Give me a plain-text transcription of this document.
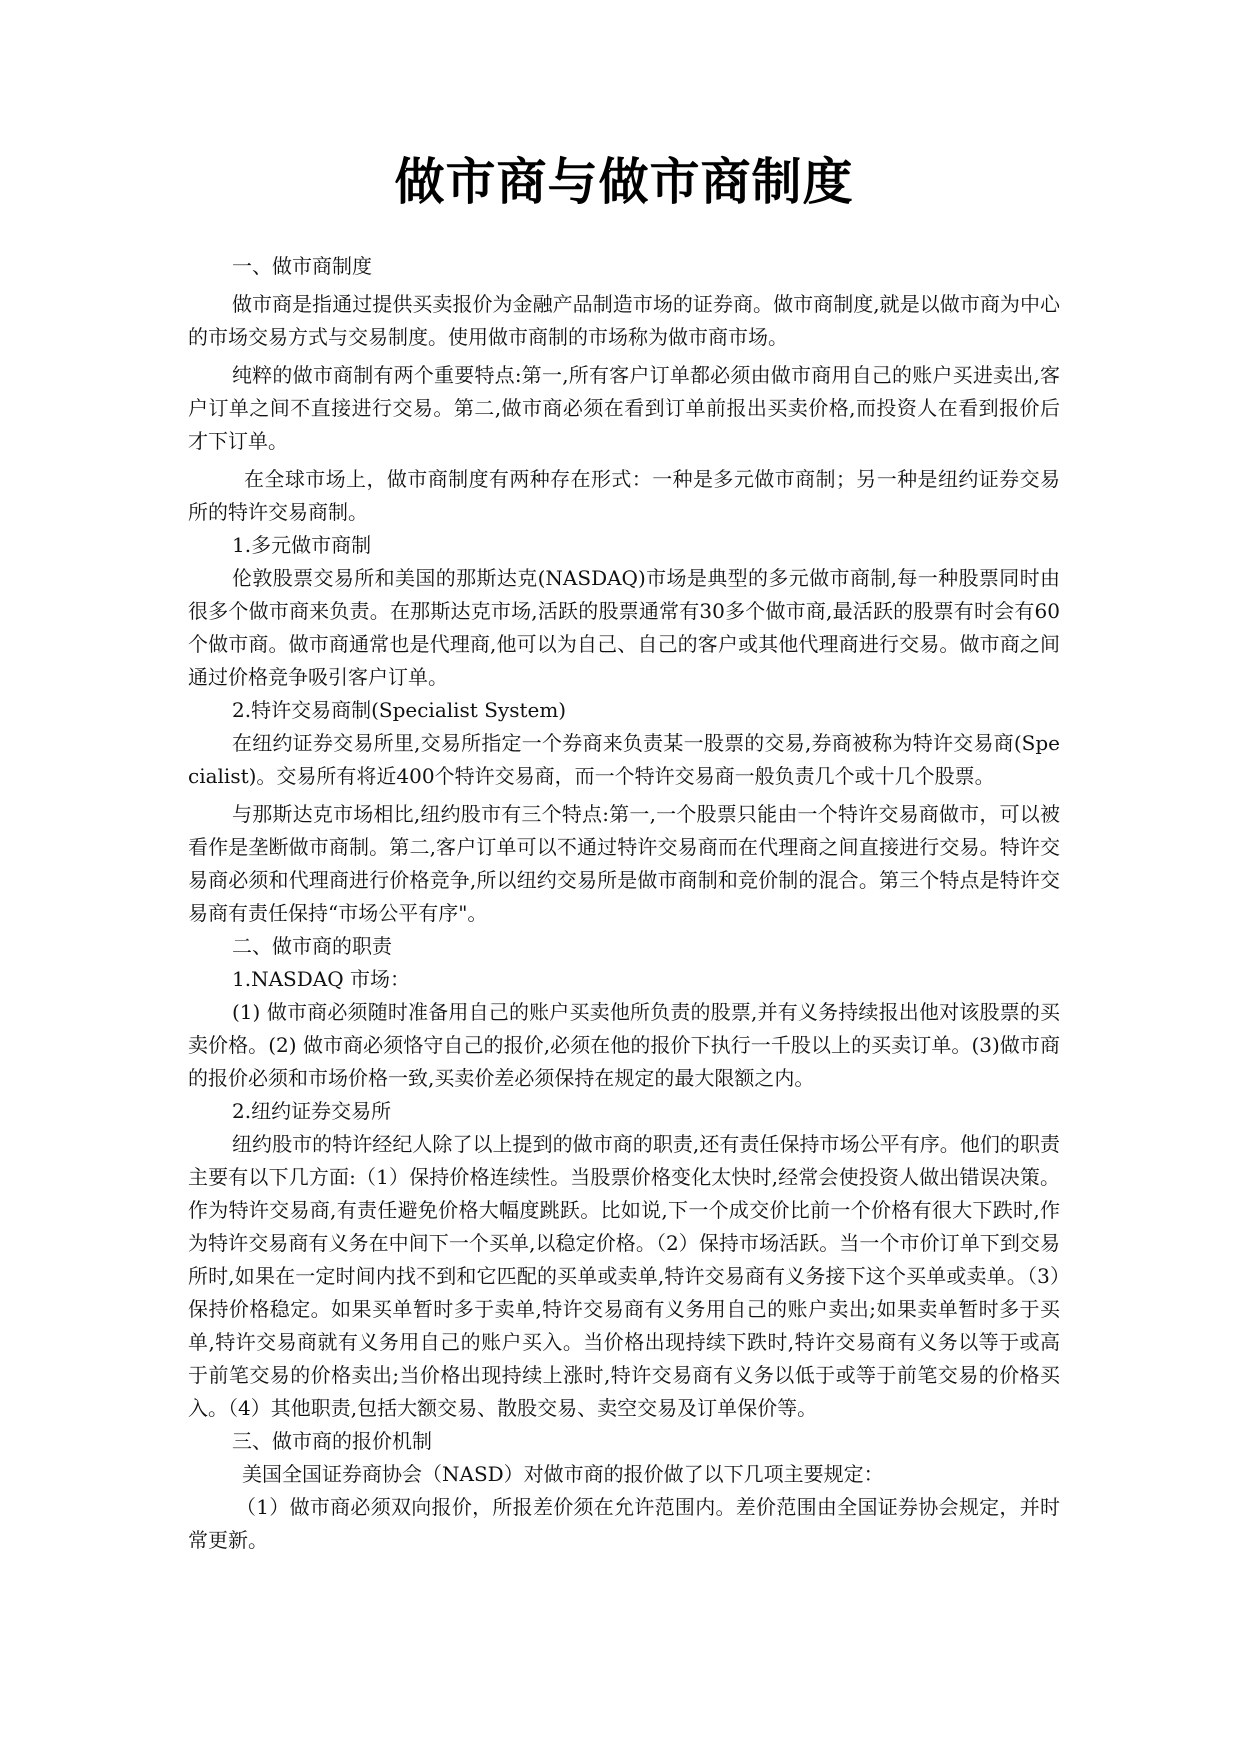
做市商与做市商制度

一、做市商制度

做市商是指通过提供买卖报价为金融产品制造市场的证券商。做市商制度,就是以做市商为中心的市场交易方式与交易制度。使用做市商制的市场称为做市商市场。

纯粹的做市商制有两个重要特点:第一,所有客户订单都必须由做市商用自己的账户买进卖出,客户订单之间不直接进行交易。第二,做市商必须在看到订单前报出买卖价格,而投资人在看到报价后才下订单。

在全球市场上，做市商制度有两种存在形式：一种是多元做市商制；另一种是纽约证券交易所的特许交易商制。

1.多元做市商制

伦敦股票交易所和美国的那斯达克(NASDAQ)市场是典型的多元做市商制,每一种股票同时由很多个做市商来负责。在那斯达克市场,活跃的股票通常有30多个做市商,最活跃的股票有时会有60个做市商。做市商通常也是代理商,他可以为自己、自己的客户或其他代理商进行交易。做市商之间通过价格竞争吸引客户订单。

2.特许交易商制(Specialist System)

在纽约证券交易所里,交易所指定一个券商来负责某一股票的交易,券商被称为特许交易商(Specialist)。交易所有将近400个特许交易商，而一个特许交易商一般负责几个或十几个股票。

与那斯达克市场相比,纽约股市有三个特点:第一,一个股票只能由一个特许交易商做市，可以被看作是垄断做市商制。第二,客户订单可以不通过特许交易商而在代理商之间直接进行交易。特许交易商必须和代理商进行价格竞争,所以纽约交易所是做市商制和竞价制的混合。第三个特点是特许交易商有责任保持“市场公平有序"。

二、做市商的职责

1.NASDAQ 市场：

(1) 做市商必须随时准备用自己的账户买卖他所负责的股票,并有义务持续报出他对该股票的买卖价格。(2) 做市商必须恪守自己的报价,必须在他的报价下执行一千股以上的买卖订单。(3)做市商的报价必须和市场价格一致,买卖价差必须保持在规定的最大限额之内。

2.纽约证券交易所

纽约股市的特许经纪人除了以上提到的做市商的职责,还有责任保持市场公平有序。他们的职责主要有以下几方面:（1）保持价格连续性。当股票价格变化太快时,经常会使投资人做出错误决策。作为特许交易商,有责任避免价格大幅度跳跃。比如说,下一个成交价比前一个价格有很大下跌时,作为特许交易商有义务在中间下一个买单,以稳定价格。（2）保持市场活跃。当一个市价订单下到交易所时,如果在一定时间内找不到和它匹配的买单或卖单,特许交易商有义务接下这个买单或卖单。（3）保持价格稳定。如果买单暂时多于卖单,特许交易商有义务用自己的账户卖出;如果卖单暂时多于买单,特许交易商就有义务用自己的账户买入。当价格出现持续下跌时,特许交易商有义务以等于或高于前笔交易的价格卖出;当价格出现持续上涨时,特许交易商有义务以低于或等于前笔交易的价格买入。（4）其他职责,包括大额交易、散股交易、卖空交易及订单保价等。

三、做市商的报价机制

美国全国证券商协会（NASD）对做市商的报价做了以下几项主要规定：

（1）做市商必须双向报价，所报差价须在允许范围内。差价范围由全国证券协会规定，并时常更新。
